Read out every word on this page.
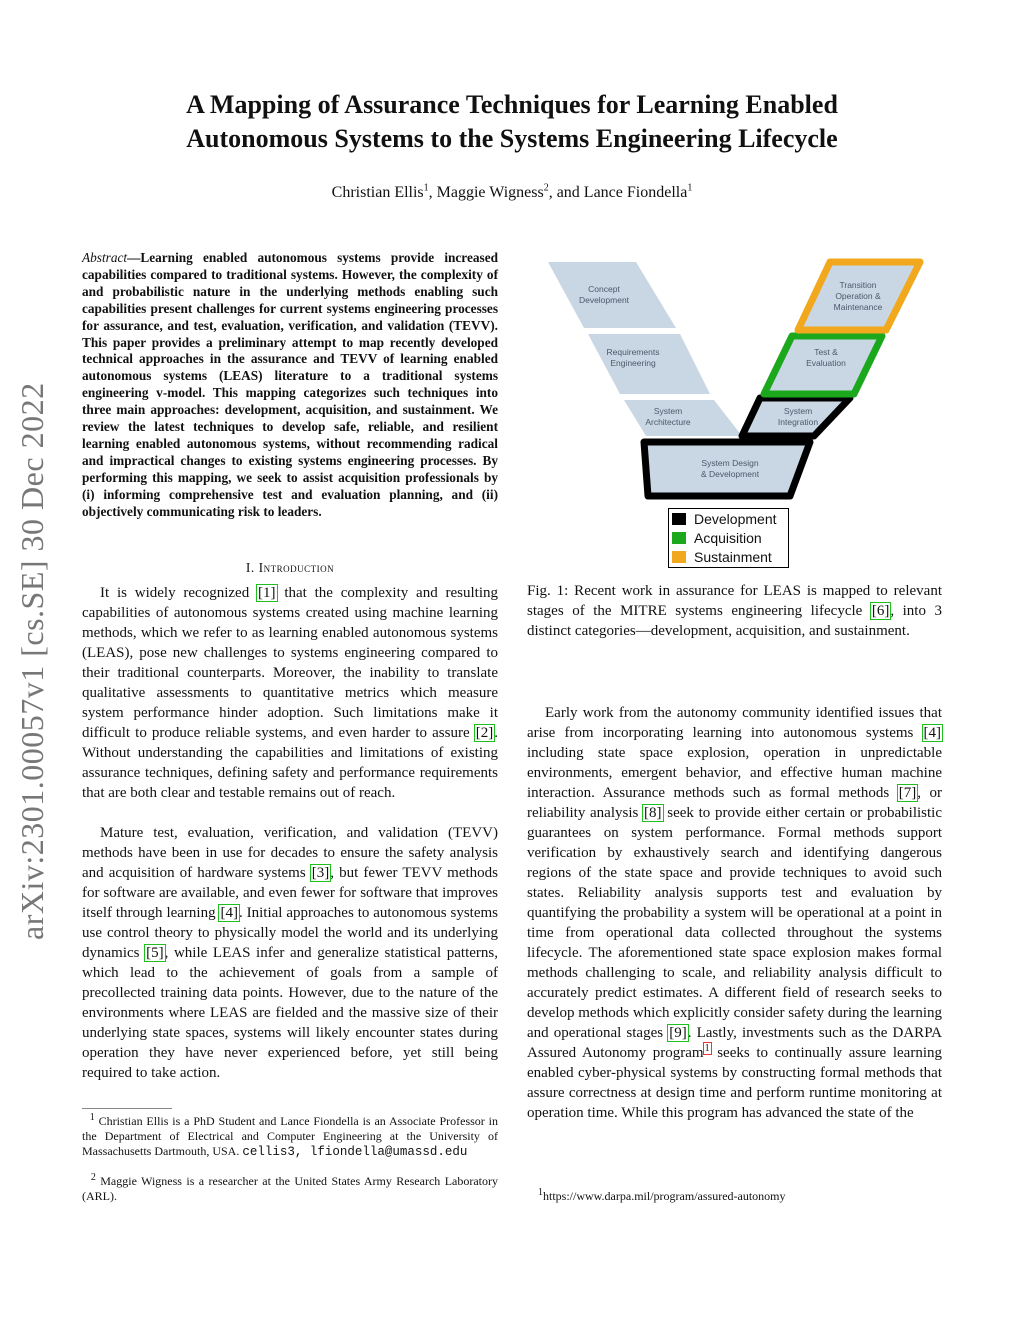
A Mapping of Assurance Techniques for Learning Enabled
Autonomous Systems to the Systems Engineering Lifecycle
Christian Ellis$^1$, Maggie Wigness$^2$, and Lance Fiondella$^1$
arXiv:2301.00057v1 [cs.SE] 30 Dec 2022
Abstract—Learning enabled autonomous systems provide increased capabilities compared to traditional systems. However, the complexity of and probabilistic nature in the underlying methods enabling such capabilities present challenges for current systems engineering processes for assurance, and test, evaluation, verification, and validation (TEVV). This paper provides a preliminary attempt to map recently developed technical approaches in the assurance and TEVV of learning enabled autonomous systems (LEAS) literature to a traditional systems engineering v-model. This mapping categorizes such techniques into three main approaches: development, acquisition, and sustainment. We review the latest techniques to develop safe, reliable, and resilient learning enabled autonomous systems, without recommending radical and impractical changes to existing systems engineering processes. By performing this mapping, we seek to assist acquisition professionals by (i) informing comprehensive test and evaluation planning, and (ii) objectively communicating risk to leaders.
I. Introduction
It is widely recognized [1] that the complexity and resulting capabilities of autonomous systems created using machine learning methods, which we refer to as learning enabled autonomous systems (LEAS), pose new challenges to systems engineering compared to their traditional counterparts. Moreover, the inability to translate qualitative assessments to quantitative metrics which measure system performance hinder adoption. Such limitations make it difficult to produce reliable systems, and even harder to assure [2]. Without understanding the capabilities and limitations of existing assurance techniques, defining safety and performance requirements that are both clear and testable remains out of reach.
Mature test, evaluation, verification, and validation (TEVV) methods have been in use for decades to ensure the safety analysis and acquisition of hardware systems [3], but fewer TEVV methods for software are available, and even fewer for software that improves itself through learning [4]. Initial approaches to autonomous systems use control theory to physically model the world and its underlying dynamics [5], while LEAS infer and generalize statistical patterns, which lead to the achievement of goals from a sample of precollected training data points. However, due to the nature of the environments where LEAS are fielded and the massive size of their underlying state spaces, systems will likely encounter states during operation they have never experienced before, yet still being required to take action.
$^1$ Christian Ellis is a PhD Student and Lance Fiondella is an Associate Professor in the Department of Electrical and Computer Engineering at the University of Massachusetts Dartmouth, USA. cellis3, lfiondella@umassd.edu
$^2$ Maggie Wigness is a researcher at the United States Army Research Laboratory (ARL).
Concept
Development
Requirements
Engineering
System
Architecture
System Design
& Development
System
Integration
Test &
Evaluation
Transition
Operation &
Maintenance
Development
Acquisition
Sustainment
Fig. 1: Recent work in assurance for LEAS is mapped to relevant stages of the MITRE systems engineering lifecycle [6], into 3 distinct categories—development, acquisition, and sustainment.
Early work from the autonomy community identified issues that arise from incorporating learning into autonomous systems [4] including state space explosion, operation in unpredictable environments, emergent behavior, and effective human machine interaction. Assurance methods such as formal methods [7], or reliability analysis [8] seek to provide either certain or probabilistic guarantees on system performance. Formal methods support verification by exhaustively search and identifying dangerous regions of the state space and provide techniques to avoid such states. Reliability analysis supports test and evaluation by quantifying the probability a system will be operational at a point in time from operational data collected throughout the systems lifecycle. The aforementioned state space explosion makes formal methods challenging to scale, and reliability analysis difficult to accurately predict estimates. A different field of research seeks to develop methods which explicitly consider safety during the learning and operational stages [9]. Lastly, investments such as the DARPA Assured Autonomy program$^1$ seeks to continually assure learning enabled cyber-physical systems by constructing formal methods that assure correctness at design time and perform runtime monitoring at operation time. While this program has advanced the state of the
$^1$https://www.darpa.mil/program/assured-autonomy
